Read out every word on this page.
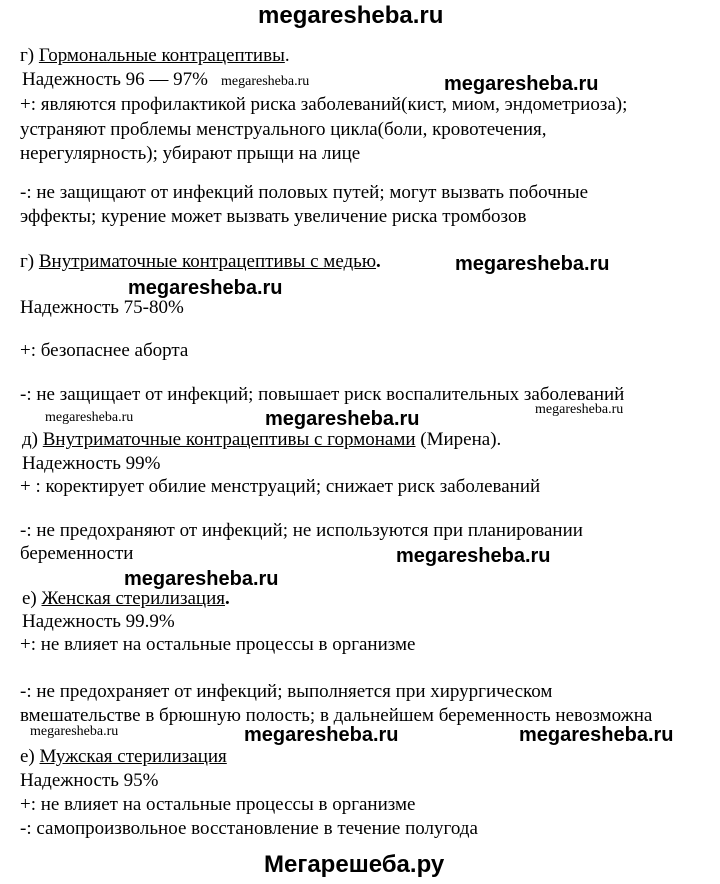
megaresheba.ru
г) Гормональные контрацептивы.
Надежность 96 — 97% megaresheba.ru	megaresheba.ru
+: являются профилактикой риска заболеваний(кист, миом, эндометриоза);
устраняют проблемы менструального цикла(боли, кровотечения,
нерегулярность); убирают прыщи на лице
-: не защищают от инфекций половых путей; могут вызвать побочные
эффекты; курение может вызвать увеличение риска тромбозов
г) Внутриматочные контрацептивы с медью.	megaresheba.ru
megaresheba.ru
Надежность 75-80%
+: безопаснее аборта
-: не защищает от инфекций; повышает риск воспалительных заболеваний
megaresheba.ru	megaresheba.ru	megaresheba.ru
д) Внутриматочные контрацептивы с гормонами (Мирена).
Надежность 99%
+ : коректирует обилие менструаций; снижает риск заболеваний
-: не предохраняют от инфекций; не используются при планировании
беременности	megaresheba.ru
megaresheba.ru
е) Женская стерилизация.
Надежность 99.9%
+: не влияет на остальные процессы в организме
-: не предохраняет от инфекций; выполняется при хирургическом
вмешательстве в брюшную полость; в дальнейшем беременность невозможна
megaresheba.ru	megaresheba.ru	megaresheba.ru
е) Мужская стерилизация
Надежность 95%
+: не влияет на остальные процессы в организме
-: самопроизвольное восстановление в течение полугода
Мегарешеба.ру
